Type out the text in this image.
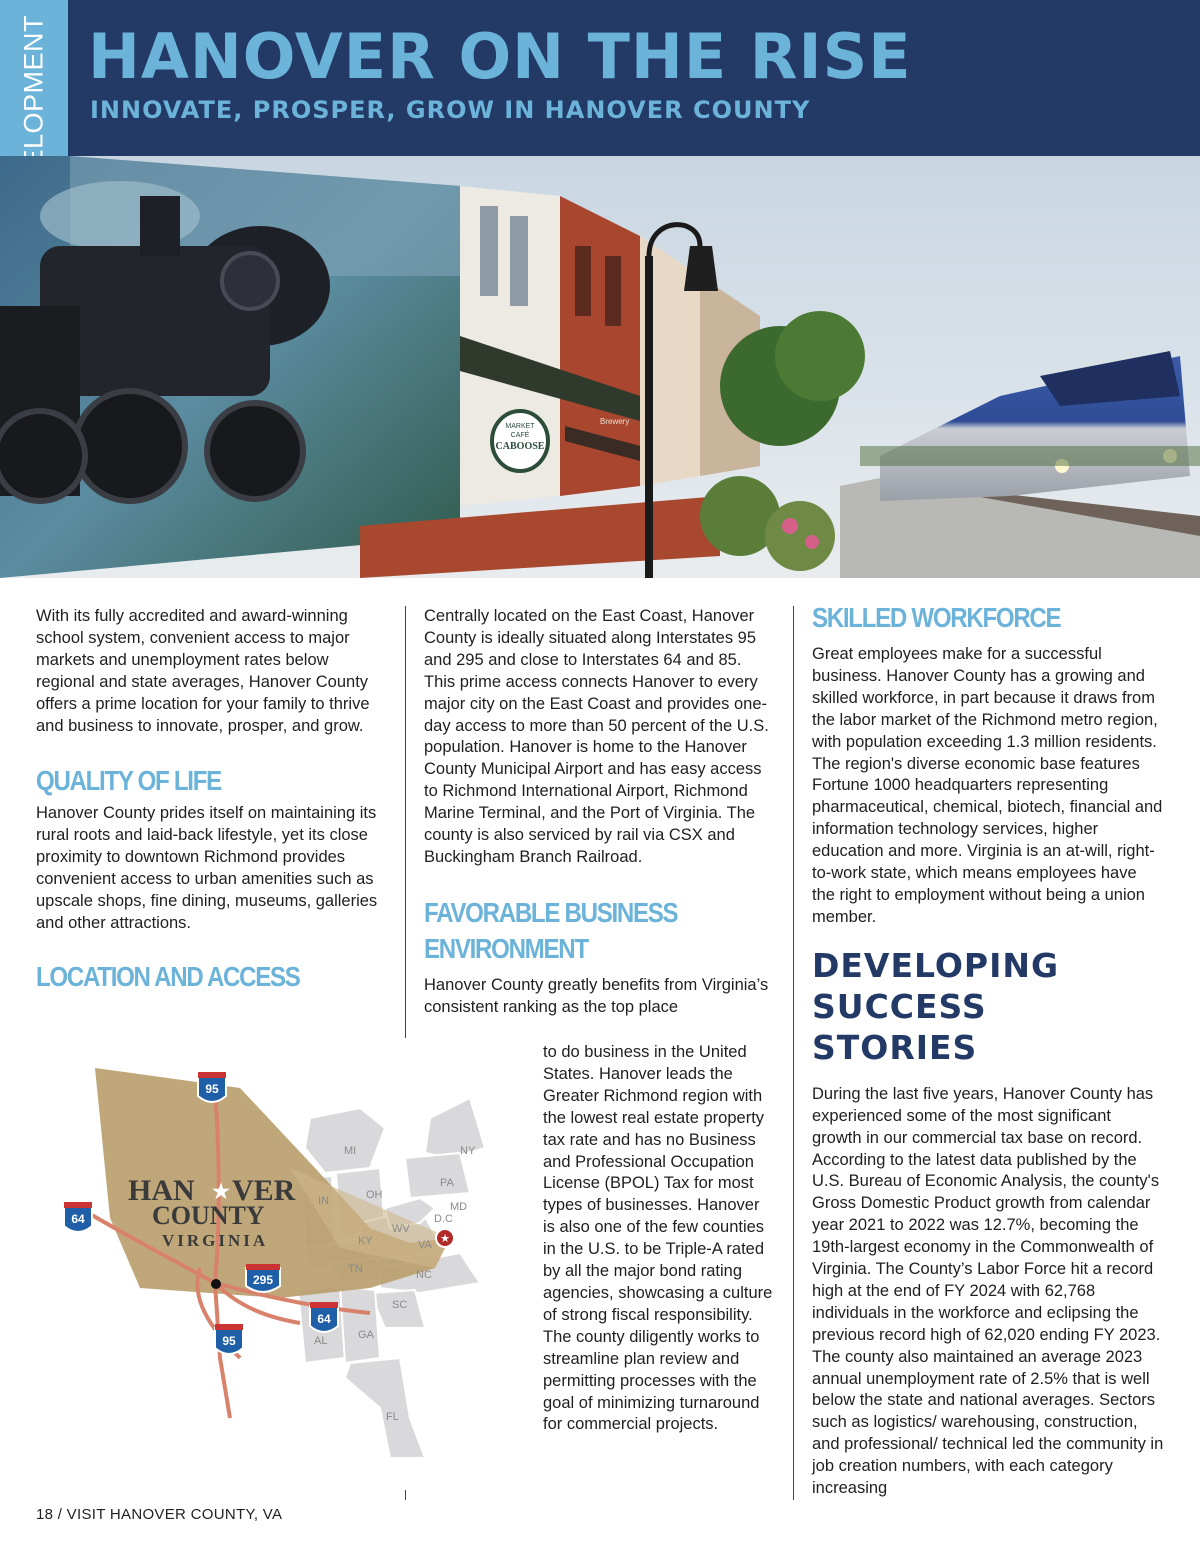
HANOVER ON THE RISE
INNOVATE, PROSPER, GROW IN HANOVER COUNTY
MARKET
CAFÉ
CABOOSE
Brewery

With its fully accredited and award-winning school system, convenient access to major markets and unemployment rates below regional and state averages, Hanover County offers a prime location for your family to thrive and business to innovate, prosper, and grow.

QUALITY OF LIFE

Hanover County prides itself on maintaining its rural roots and laid-back lifestyle, yet its close proximity to downtown Richmond provides convenient access to urban amenities such as upscale shops, fine dining, museums, galleries and other attractions.

LOCATION AND ACCESS

Centrally located on the East Coast, Hanover County is ideally situated along Interstates 95 and 295 and close to Interstates 64 and 85. This prime access connects Hanover to every major city on the East Coast and provides one-day access to more than 50 percent of the U.S. population. Hanover is home to the Hanover County Municipal Airport and has easy access to Richmond International Airport, Richmond Marine Terminal, and the Port of Virginia. The county is also serviced by rail via CSX and Buckingham Branch Railroad.

FAVORABLE BUSINESS
ENVIRONMENT

Hanover County greatly benefits from Virginia’s consistent ranking as the top place

to do business in the United States. Hanover leads the Greater Richmond region with the lowest real estate property tax rate and has no Business and Professional Occupation License (BPOL) Tax for most types of businesses. Hanover is also one of the few counties in the U.S. to be Triple-A rated by all the major bond rating agencies, showcasing a culture of strong fiscal responsibility. The county diligently works to streamline plan review and permitting processes with the goal of minimizing turnaround for commercial projects.

SKILLED WORKFORCE

Great employees make for a successful business. Hanover County has a growing and skilled workforce, in part because it draws from the labor market of the Richmond metro region, with population exceeding 1.3 million residents. The region's diverse economic base features Fortune 1000 headquarters representing pharmaceutical, chemical, biotech, financial and information technology services, higher education and more. Virginia is an at-will, right-to-work state, which means employees have the right to employment without being a union member.

DEVELOPING
SUCCESS STORIES

During the last five years, Hanover County has experienced some of the most significant growth in our commercial tax base on record. According to the latest data published by the U.S. Bureau of Economic Analysis, the county's Gross Domestic Product growth from calendar year 2021 to 2022 was 12.7%, becoming the 19th-largest economy in the Commonwealth of Virginia. The County’s Labor Force hit a record high at the end of FY 2024 with 62,768 individuals in the workforce and eclipsing the previous record high of 62,020 ending FY 2023. The county also maintained an average 2023 annual unemployment rate of 2.5% that is well below the state and national averages. Sectors such as logistics/ warehousing, construction, and professional/ technical led the community in job creation numbers, with each category increasing

95
64
295
64
95
★
HAN ★ VER
COUNTY
VIRGINIA
MI	NY
PA
IN	OH
MD
D.C
WV
KY	VA
TN	NC
SC
AL	GA
FL
18 / VISIT HANOVER COUNTY, VA
